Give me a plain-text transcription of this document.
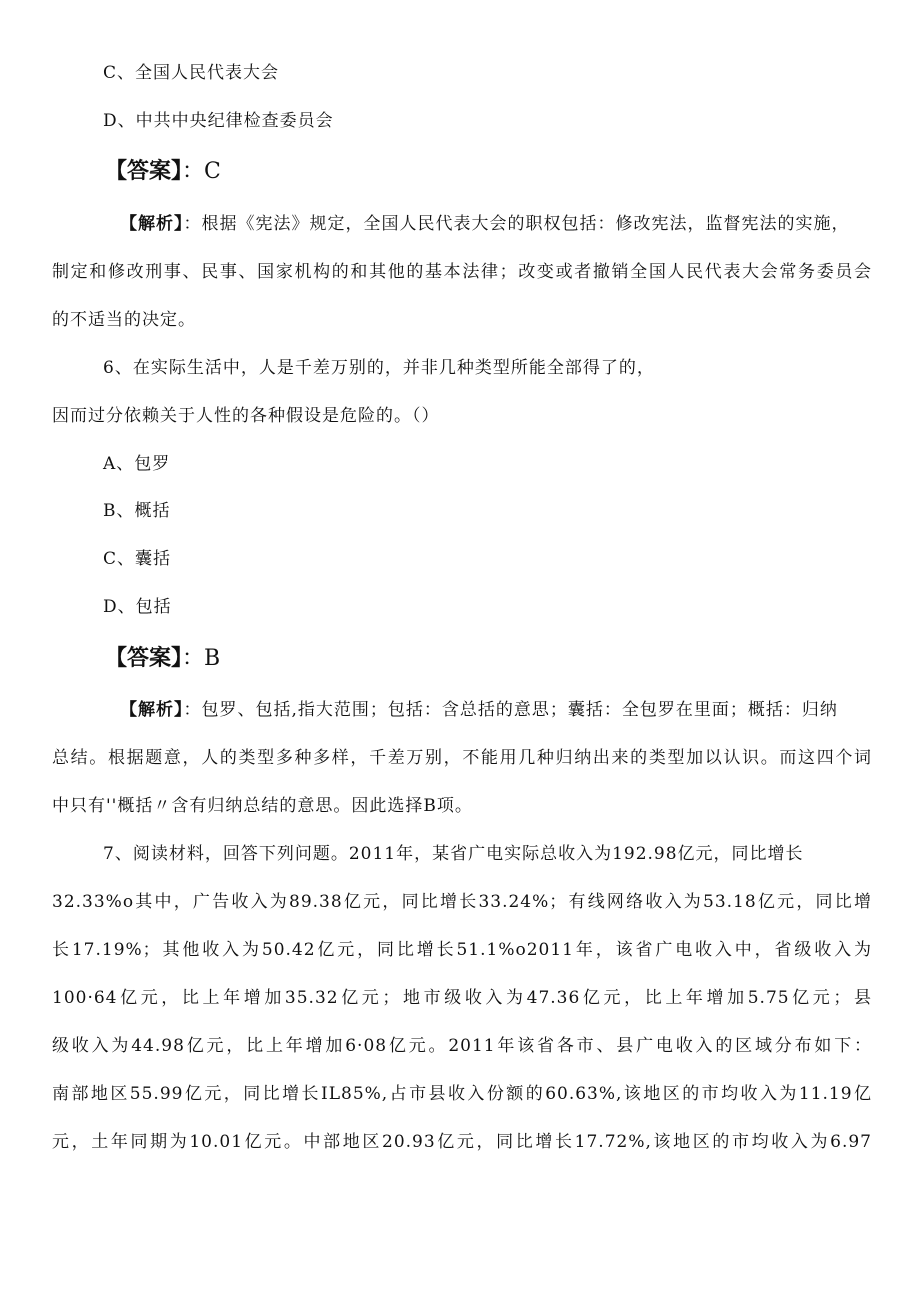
C、全国人民代表大会
D、中共中央纪律检查委员会
【答案】：C
【解析】：根据《宪法》规定，全国人民代表大会的职权包括：修改宪法，监督宪法的实施，
制定和修改刑事、民事、国家机构的和其他的基本法律；改变或者撤销全国人民代表大会常务委员会
的不适当的决定。
6、在实际生活中，人是千差万别的，并非几种类型所能全部得了的，
因而过分依赖关于人性的各种假设是危险的。（）
A、包罗
B、概括
C、囊括
D、包括
【答案】：B
【解析】：包罗、包括,指大范围；包括：含总括的意思；囊括：全包罗在里面；概括：归纳
总结。根据题意，人的类型多种多样，千差万别，不能用几种归纳出来的类型加以认识。而这四个词
中只有''概括〃含有归纳总结的意思。因此选择B项。
7、阅读材料，回答下列问题。2011年，某省广电实际总收入为192.98亿元，同比增长
32.33%o其中，广告收入为89.38亿元，同比增长33.24%；有线网络收入为53.18亿元，同比增
长17.19%；其他收入为50.42亿元，同比增长51.1%o2011年，该省广电收入中，省级收入为
100·64亿元，比上年增加35.32亿元；地市级收入为47.36亿元，比上年增加5.75亿元；县
级收入为44.98亿元，比上年增加6·08亿元。2011年该省各市、县广电收入的区域分布如下：
南部地区55.99亿元，同比增长IL85%,占市县收入份额的60.63%,该地区的市均收入为11.19亿
元，土年同期为10.01亿元。中部地区20.93亿元，同比增长17.72%,该地区的市均收入为6.97
